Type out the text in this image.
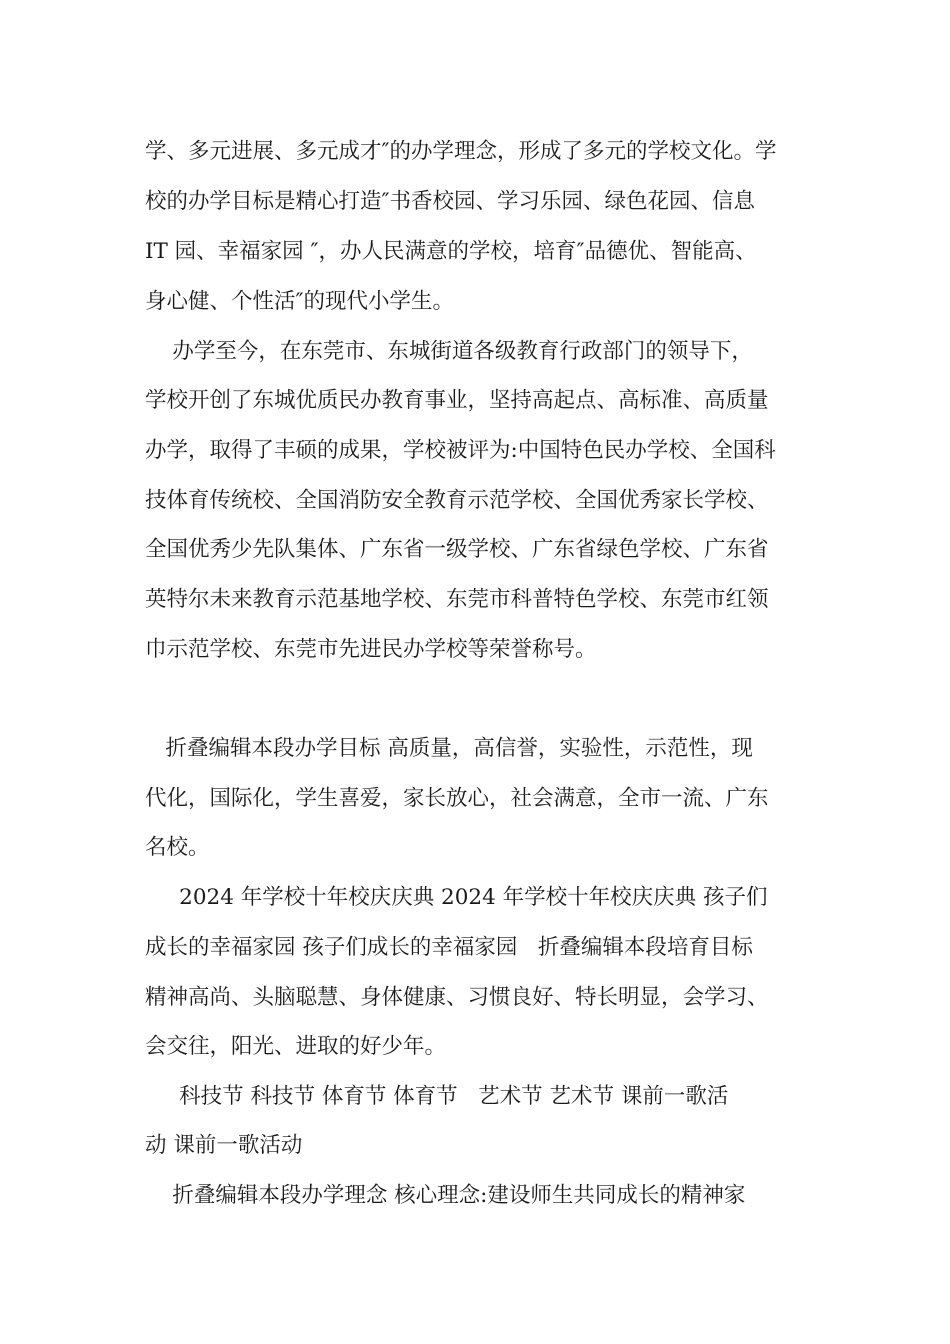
学、多元进展、多元成才″的办学理念，形成了多元的学校文化。学
校的办学目标是精心打造″书香校园、学习乐园、绿色花园、信息
IT 园、幸福家园 ″，办人民满意的学校，培育″品德优、智能高、
身心健、个性活″的现代小学生。
办学至今，在东莞市、东城街道各级教育行政部门的领导下，
学校开创了东城优质民办教育事业，坚持高起点、高标准、高质量
办学，取得了丰硕的成果，学校被评为:中国特色民办学校、全国科
技体育传统校、全国消防安全教育示范学校、全国优秀家长学校、
全国优秀少先队集体、广东省一级学校、广东省绿色学校、广东省
英特尔未来教育示范基地学校、东莞市科普特色学校、东莞市红领
巾示范学校、东莞市先进民办学校等荣誉称号。
折叠编辑本段办学目标 高质量，高信誉，实验性，示范性，现
代化，国际化，学生喜爱，家长放心，社会满意，全市一流、广东
名校。
2024 年学校十年校庆庆典 2024 年学校十年校庆庆典 孩子们
成长的幸福家园 孩子们成长的幸福家园   折叠编辑本段培育目标
精神高尚、头脑聪慧、身体健康、习惯良好、特长明显，会学习、
会交往，阳光、进取的好少年。
科技节 科技节 体育节 体育节   艺术节 艺术节 课前一歌活
动 课前一歌活动
折叠编辑本段办学理念 核心理念:建设师生共同成长的精神家
